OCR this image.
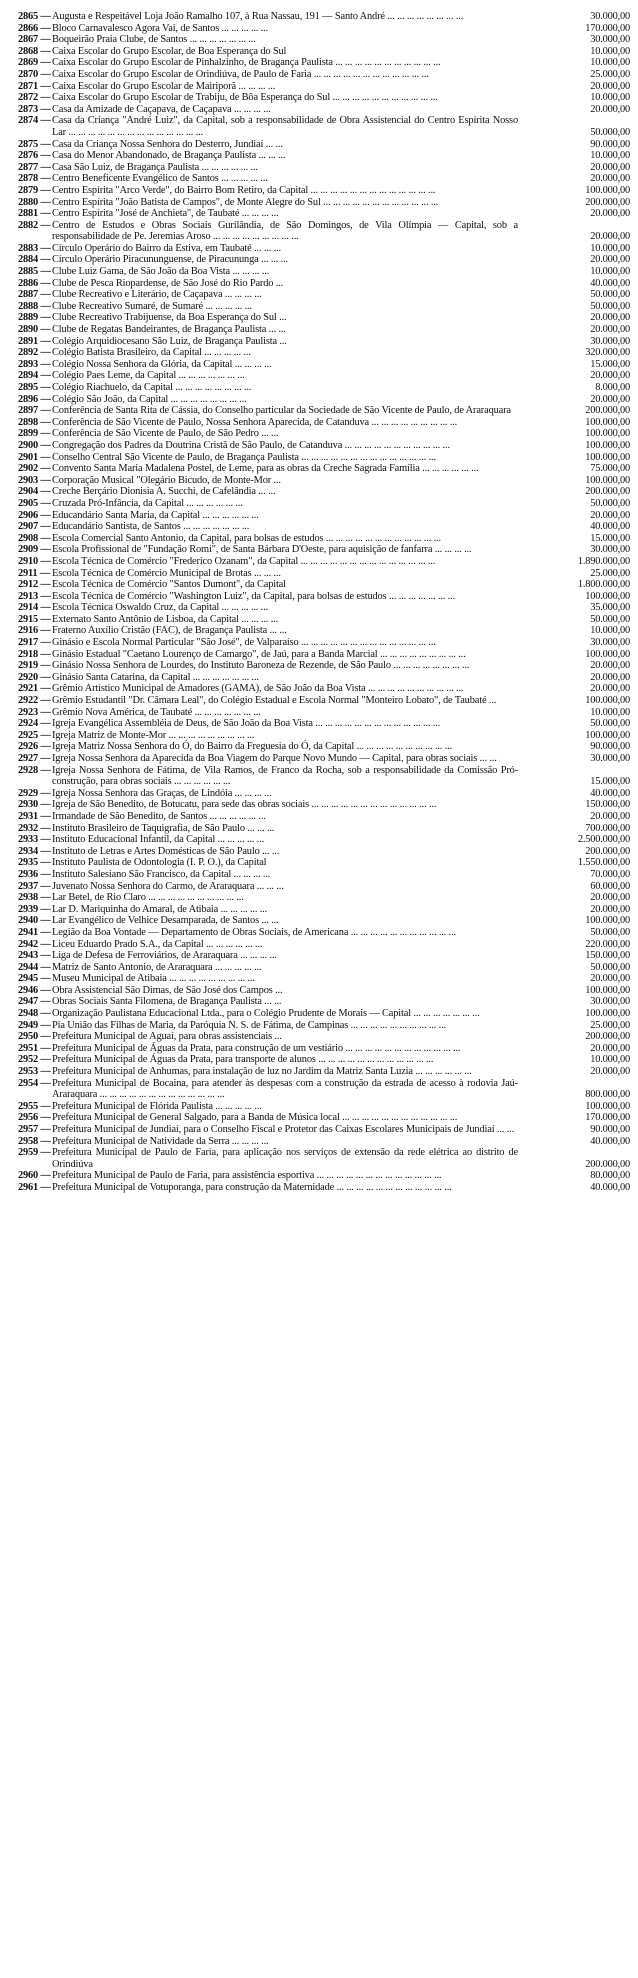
2865 — Augusta e Respeitável Loja João Ramalho 107, à Rua Nassau, 191 — Santo André ... ... ... ... ... ... ... ...	30.000,00
2866 — Bloco Carnavalesco Agora Vai, de Santos ... ... ... ... ...	170.000,00
2867 — Boqueirão Praia Clube, de Santos ... ... ... ... ... ... ...	30.000,00
2868 — Caixa Escolar do Grupo Escolar, de Boa Esperança do Sul	10.000,00
2869 — Caixa Escolar do Grupo Escolar de Pinhalzinho, de Bragança Paulista ... ... ... ... ... ... ... ... ... ... ...	10.000,00
2870 — Caixa Escolar do Grupo Escolar de Orindiúva, de Paulo de Faria ... ... ... ... ... ... ... ... ... ... ... ...	25.000,00
2871 — Caixa Escolar do Grupo Escolar de Mairiporã ... ... ... ...	20.000,00
2872 — Caixa Escolar do Grupo Escolar de Trabiju, de Bôa Esperança do Sul ... ... ... ... ... ... ... ... ... ... ...	10.000,00
2873 — Casa da Amizade de Caçapava, de Caçapava ... ... ... ...	20.000,00
2874 — Casa da Criança "André Luiz", da Capital, sob a responsabilidade de Obra Assistencial do Centro Espírita Nosso Lar ... ... ... ... ... ... ... ... ... ... ... ... ... ...	50.000,00
2875 — Casa da Criança Nossa Senhora do Desterro, Jundiaí ... ...	90.000,00
2876 — Casa do Menor Abandonado, de Bragança Paulista ... ... ...	10.000,00
2877 — Casa São Luiz, de Bragança Paulista ... ... ... ... ... ...	20.000,00
2878 — Centro Beneficente Evangélico de Santos ... ... ... ... ...	20.000,00
2879 — Centro Espírita "Arco Verde", do Bairro Bom Retiro, da Capital ... ... ... ... ... ... ... ... ... ... ... ... ...	100.000,00
2880 — Centro Espírita "João Batista de Campos", de Monte Alegre do Sul ... ... ... ... ... ... ... ... ... ... ... ...	200.000,00
2881 — Centro Espírita "José de Anchieta", de Taubaté ... ... ... ...	20.000,00
2882 — Centro de Estudos e Obras Sociais Gurilândia, de São Domingos, de Vila Olímpia — Capital, sob a responsabilidade de Pe. Jeremias Aroso ... ... ... ... ... ... ... ... ...	20.000,00
2883 — Círculo Operário do Bairro da Estiva, em Taubaté ... ... ...	10.000,00
2884 — Círculo Operário Piracununguense, de Piracununga ... ... ...	20.000,00
2885 — Clube Luiz Gama, de São João da Boa Vista ... ... ... ...	10.000,00
2886 — Clube de Pesca Riopardense, de São José do Rio Pardo ...	40.000,00
2887 — Clube Recreativo e Literário, de Caçapava ... ... ... ...	50.000,00
2888 — Clube Recreativo Sumaré, de Sumaré ... ... ... ... ...	50.000,00
2889 — Clube Recreativo Trabijuense, da Boa Esperança do Sul ...	20.000,00
2890 — Clube de Regatas Bandeirantes, de Bragança Paulista ... ...	20.000,00
2891 — Colégio Arquidiocesano São Luiz, de Bragança Paulista ...	30.000,00
2892 — Colégio Batista Brasileiro, da Capital ... ... ... ... ...	320.000,00
2893 — Colégio Nossa Senhora da Glória, da Capital ... ... ... ...	15.000,00
2894 — Colégio Paes Leme, da Capital ... ... ... ... ... ... ...	20.000,00
2895 — Colégio Riachuelo, da Capital ... ... ... ... ... ... ... ...	8.000,00
2896 — Colégio São João, da Capital ... ... ... ... ... ... ... ...	20.000,00
2897 — Conferência de Santa Rita de Cássia, do Conselho particular da Sociedade de São Vicente de Paulo, de Araraquara	200.000,00
2898 — Conferência de São Vicente de Paulo, Nossa Senhora Aparecida, de Catanduva ... ... ... ... ... ... ... ... ...	100.000,00
2899 — Conferência de São Vicente de Paulo, de São Pedro ... ...	100.000,00
2900 — Congregação dos Padres da Doutrina Cristã de São Paulo, de Catanduva ... ... ... ... ... ... ... ... ... ... ...	100.000,00
2901 — Conselho Central São Vicente de Paulo, de Bragança Paulista ... ... ... ... ... ... ... ... ... ... ... ... ... ...	100.000,00
2902 — Convento Santa Maria Madalena Postel, de Leme, para as obras da Creche Sagrada Família ... ... ... ... ... ...	75.000,00
2903 — Corporação Musical "Olegário Bicudo, de Monte-Mor ...	100.000,00
2904 — Creche Berçário Dionisia A. Succhi, de Cafelândia ... ...	200.000,00
2905 — Cruzada Pró-Infância, da Capital ... ... ... ... ... ...	50.000,00
2906 — Educandário Santa Maria, da Capital ... ... ... ... ... ...	20.000,00
2907 — Educandário Santista, de Santos ... ... ... ... ... ... ...	40.000,00
2908 — Escola Comercial Santo Antonio, da Capital, para bolsas de estudos ... ... ... ... ... ... ... ... ... ... ... ...	15.000,00
2909 — Escola Profissional de "Fundação Romi", de Santa Bárbara D'Oeste, para aquisição de fanfarra ... ... ... ...	30.000,00
2910 — Escola Técnica de Comércio "Frederico Ozanam", da Capital ... ... ... ... ... ... ... ... ... ... ... ... ... ...	1.890.000,00
2911 — Escola Técnica de Comércio Municipal de Brotas ... ... ...	25.000,00
2912 — Escola Técnica de Comércio "Santos Dumont", da Capital	1.800.000,00
2913 — Escola Técnica de Comércio "Washington Luiz", da Capital, para bolsas de estudos ... ... ... ... ... ... ...	100.000,00
2914 — Escola Técnica Oswaldo Cruz, da Capital ... ... ... ... ...	35.000,00
2915 — Externato Santo Antônio de Lisboa, da Capital ... ... ... ...	50.000,00
2916 — Fraterno Auxílio Cristão (FAC), de Bragança Paulista ... ...	10.000,00
2917 — Ginásio e Escola Normal Particular "São José", de Valparaíso ... ... ... ... ... ... ... ... ... ... ... ... ... ...	30.000,00
2918 — Ginásio Estadual "Caetano Lourenço de Camargo", de Jaú, para a Banda Marcial ... ... ... ... ... ... ... ... ...	100.000,00
2919 — Ginásio Nossa Senhora de Lourdes, do Instituto Baroneza de Rezende, de São Paulo ... ... ... ... ... ... ... ...	20.000,00
2920 — Ginásio Santa Catarina, da Capital ... ... ... ... ... ... ...	20.000,00
2921 — Grêmio Artístico Municipal de Amadores (GAMA), de São João da Boa Vista ... ... ... ... ... ... ... ... ... ...	20.000,00
2922 — Grêmio Estudantil "Dr. Câmara Leal", do Colégio Estadual e Escola Normal "Monteiro Lobato", de Taubaté ...	100.000,00
2923 — Grêmio Nova América, de Taubaté ... ... ... ... ... ... ...	10.000,00
2924 — Igreja Evangélica Assembléia de Deus, de São João da Boa Vista ... ... ... ... ... ... ... ... ... ... ... ... ...	50.000,00
2925 — Igreja Matriz de Monte-Mor ... ... ... ... ... ... ... ... ...	100.000,00
2926 — Igreja Matriz Nossa Senhora do Ó, do Bairro da Freguesia do Ó, da Capital ... ... ... ... ... ... ... ... ... ...	90.000,00
2927 — Igreja Nossa Senhora da Aparecida da Boa Viagem do Parque Novo Mundo — Capital, para obras sociais ... ...	30.000,00
2928 — Igreja Nossa Senhora de Fátima, de Vila Ramos, de Franco da Rocha, sob a responsabilidade da Comissão Pró-construção, para obras sociais ... ... ... ... ... ...	15.000,00
2929 — Igreja Nossa Senhora das Graças, de Lindóia ... ... ... ...	40.000,00
2930 — Igreja de São Benedito, de Botucatu, para sede das obras sociais ... ... ... ... ... ... ... ... ... ... ... ... ...	150.000,00
2931 — Irmandade de São Benedito, de Santos ... ... ... ... ... ...	20.000,00
2932 — Instituto Brasileiro de Taquigrafia, de São Paulo ... ... ...	700.000,00
2933 — Instituto Educacional Infantil, da Capital ... ... ... ... ...	2.500.000,00
2934 — Instituto de Letras e Artes Domésticas de São Paulo ... ...	200.000,00
2935 — Instituto Paulista de Odontologia (I. P. O.), da Capital	1.550.000,00
2936 — Instituto Salesiano São Francisco, da Capital ... ... ... ...	70.000,00
2937 — Juvenato Nossa Senhora do Carmo, de Araraquara ... ... ...	60.000,00
2938 — Lar Betel, de Rio Claro ... ... ... ... ... ... ... ... ... ...	20.000,00
2939 — Lar D. Mariquinha do Amaral, de Atibaia ... ... ... ... ...	20.000,00
2940 — Lar Evangélico de Velhice Desamparada, de Santos ... ...	100.000,00
2941 — Legião da Boa Vontade — Departamento de Obras Sociais, de Americana ... ... ... ... ... ... ... ... ... ... ...	50.000,00
2942 — Liceu Eduardo Prado S.A., da Capital ... ... ... ... ... ...	220.000,00
2943 — Liga de Defesa de Ferroviários, de Araraquara ... ... ... ...	150.000,00
2944 — Matriz de Santo Antonio, de Araraquara ... ... ... ... ...	50.000,00
2945 — Museu Municipal de Atibaia ... ... ... ... ... ... ... ... ...	20.000,00
2946 — Obra Assistencial São Dimas, de São José dos Campos ...	100.000,00
2947 — Obras Sociais Santa Filomena, de Bragança Paulista ... ...	30.000,00
2948 — Organização Paulistana Educacional Ltda., para o Colégio Prudente de Morais — Capital ... ... ... ... ... ... ...	100.000,00
2949 — Pia União das Filhas de Maria, da Paróquia N. S. de Fátima, de Campinas ... ... ... ... ... ... ... ... ... ...	25.000,00
2950 — Prefeitura Municipal de Aguaí, para obras assistenciais ...	200.000,00
2951 — Prefeitura Municipal de Águas da Prata, para construção de um vestiário ... ... ... ... ... ... ... ... ... ... ... ...	20.000,00
2952 — Prefeitura Municipal de Águas da Prata, para transporte de alunos ... ... ... ... ... ... ... ... ... ... ... ...	10.000,00
2953 — Prefeitura Municipal de Anhumas, para instalação de luz no Jardim da Matriz Santa Luzia ... ... ... ... ... ...	20.000,00
2954 — Prefeitura Municipal de Bocaina, para atender às despesas com a construção da estrada de acesso à rodovia Jaú-Araraquara ... ... ... ... ... ... ... ... ... ... ... ... ...	800.000,00
2955 — Prefeitura Municipal de Flórida Paulista ... ... ... ... ...	100.000,00
2956 — Prefeitura Municipal de General Salgado, para a Banda de Música local ... ... ... ... ... ... ... ... ... ... ... ...	170.000,00
2957 — Prefeitura Municipal de Jundiaí, para o Conselho Fiscal e Protetor das Caixas Escolares Municipais de Jundiaí ... ...	90.000,00
2958 — Prefeitura Municipal de Natividade da Serra ... ... ... ...	40.000,00
2959 — Prefeitura Municipal de Paulo de Faria, para aplicação nos serviços de extensão da rede elétrica ao distrito de Orindiúva	200.000,00
2960 — Prefeitura Municipal de Paulo de Faria, para assistência esportiva ... ... ... ... ... ... ... ... ... ... ... ... ...	80.000,00
2961 — Prefeitura Municipal de Votuporanga, para construção da Maternidade ... ... ... ... ... ... ... ... ... ... ... ...	40.000,00
